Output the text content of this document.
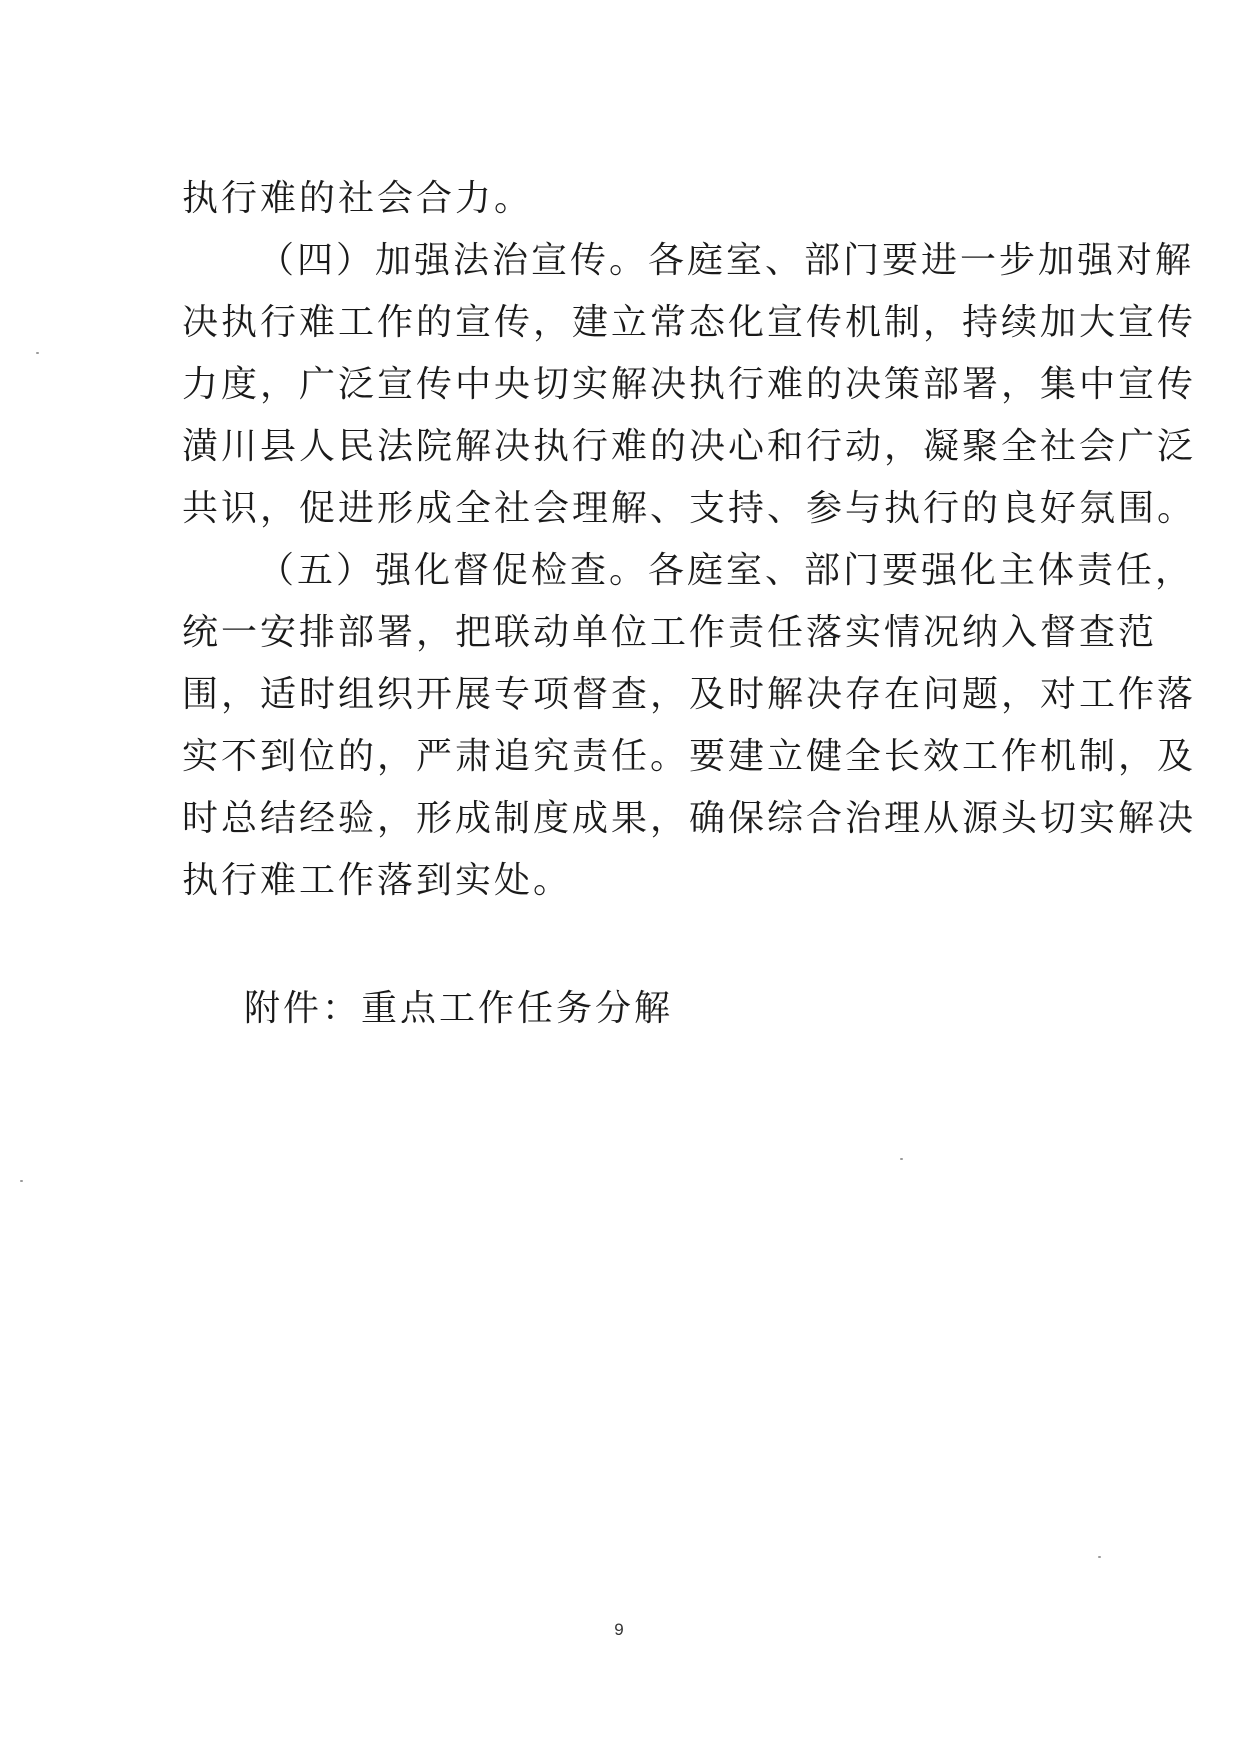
执行难的社会合力。
（四）加强法治宣传。各庭室、部门要进一步加强对解
决执行难工作的宣传，建立常态化宣传机制，持续加大宣传
力度，广泛宣传中央切实解决执行难的决策部署，集中宣传
潢川县人民法院解决执行难的决心和行动，凝聚全社会广泛
共识，促进形成全社会理解、支持、参与执行的良好氛围。
（五）强化督促检查。各庭室、部门要强化主体责任，
统一安排部署，把联动单位工作责任落实情况纳入督查范
围，适时组织开展专项督查，及时解决存在问题，对工作落
实不到位的，严肃追究责任。要建立健全长效工作机制，及
时总结经验，形成制度成果，确保综合治理从源头切实解决
执行难工作落到实处。
附件：重点工作任务分解
9
